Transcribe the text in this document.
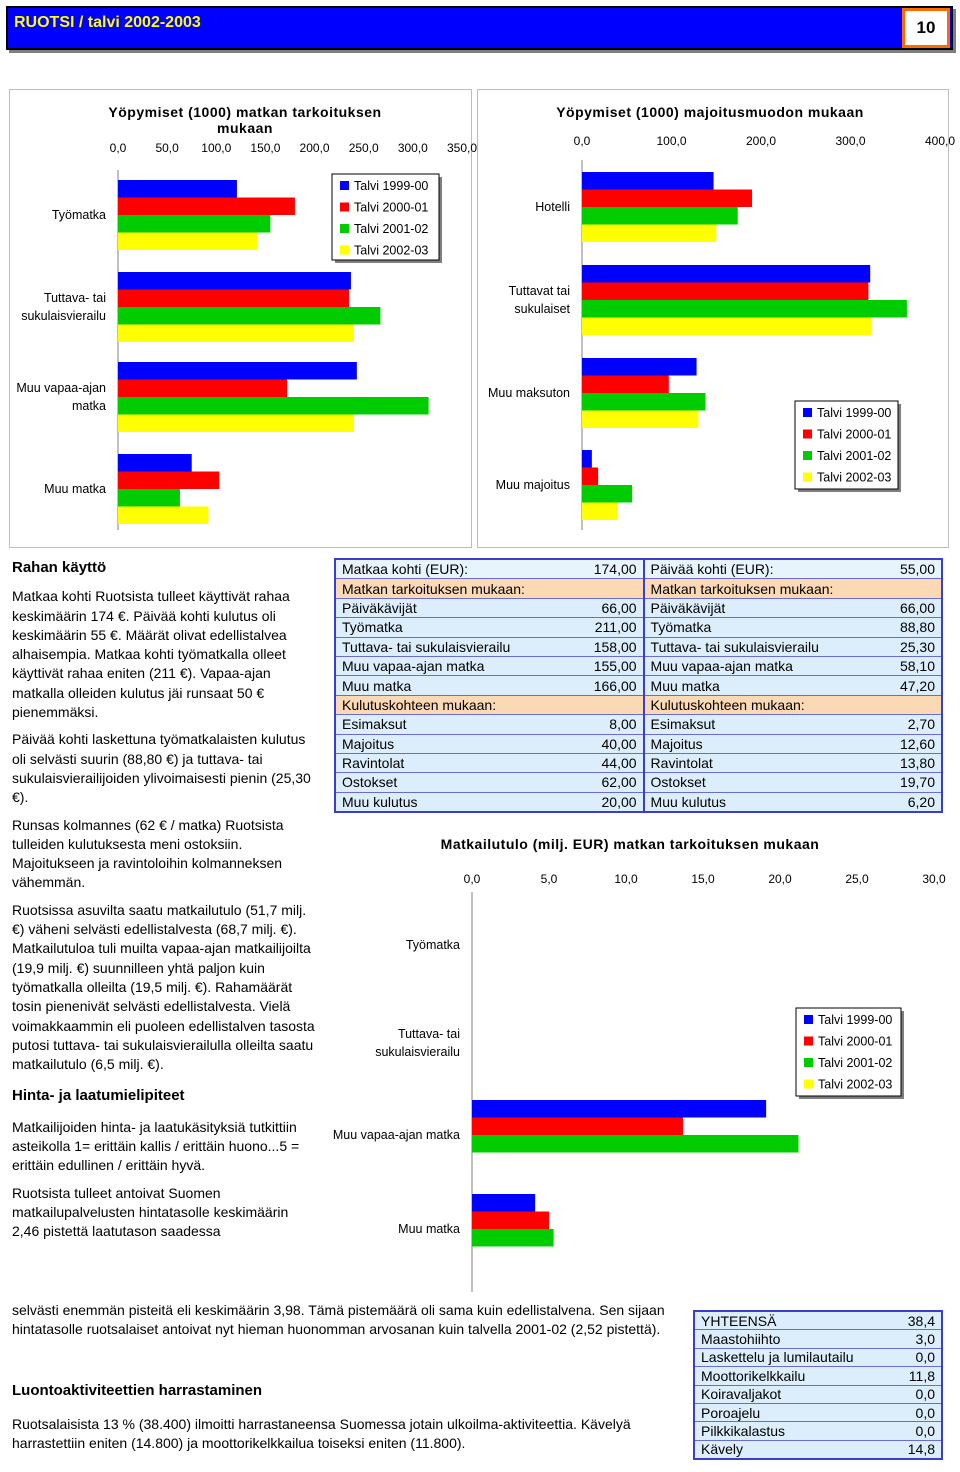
RUOTSI / talvi 2002-2003	10
Yöpymiset (1000) matkan tarkoituksen mukaan
0,0 50,0 100,0 150,0 200,0 250,0 300,0 350,0
Työmatka
Tuttava- tai
sukulaisvierailu
Muu vapaa-ajan
matka
Muu matka
Talvi 1999-00
Talvi 2000-01
Talvi 2001-02
Talvi 2002-03
Yöpymiset (1000) majoitusmuodon mukaan
0,0	100,0	200,0	300,0	400,0
Hotelli
Tuttavat tai
sukulaiset
Muu maksuton
Muu majoitus
Talvi 1999-00
Talvi 2000-01
Talvi 2001-02
Talvi 2002-03
Rahan käyttö

Matkaa kohti Ruotsista tulleet käyttivät rahaa keskimäärin 174 €. Päivää kohti kulutus oli keskimäärin 55 €. Määrät olivat edellistalvea alhaisempia. Matkaa kohti työmatkalla olleet käyttivät rahaa eniten (211 €). Vapaa-ajan matkalla olleiden kulutus jäi runsaat 50 € pienemmäksi.

Päivää kohti laskettuna työmatkalaisten kulutus oli selvästi suurin (88,80 €) ja tuttava- tai sukulaisvierailijoiden ylivoimaisesti pienin (25,30 €).

Runsas kolmannes (62 € / matka) Ruotsista tulleiden kulutuksesta meni ostoksiin. Majoitukseen ja ravintoloihin kolmanneksen vähemmän.

Ruotsissa asuvilta saatu matkailutulo (51,7 milj. €) väheni selvästi edellistalvesta (68,7 milj. €). Matkailutuloa tuli muilta vapaa-ajan matkailijoilta (19,9 milj. €) suunnilleen yhtä paljon kuin työmatkalla olleilta (19,5 milj. €). Rahamäärät tosin pienenivät selvästi edellistalvesta. Vielä voimakkaammin eli puoleen edellistalven tasosta putosi tuttava- tai sukulaisvierailulla olleilta saatu matkailutulo (6,5 milj. €).

Hinta- ja laatumielipiteet

Matkailijoiden hinta- ja laatukäsityksiä tutkittiin asteikolla 1= erittäin kallis / erittäin huono...5 = erittäin edullinen / erittäin hyvä.

Ruotsista tulleet antoivat Suomen matkailupalvelusten hintatasolle keskimäärin 2,46 pistettä laatutason saadessa

selvästi enemmän pisteitä eli keskimäärin 3,98. Tämä pistemäärä oli sama kuin edellistalvena. Sen sijaan hintatasolle ruotsalaiset antoivat nyt hieman huonomman arvosanan kuin talvella 2001-02 (2,52 pistettä).
Luontoaktiviteettien harrastaminen
Ruotsalaisista 13 % (38.400) ilmoitti harrastaneensa Suomessa jotain ulkoilma-aktiviteettia. Kävelyä harrastettiin eniten (14.800) ja moottorikelkkailua toiseksi eniten (11.800).
Matkaa kohti (EUR):	174,00	Päivää kohti (EUR):	55,00
Matkan tarkoituksen mukaan:		Matkan tarkoituksen mukaan:	
Päiväkävijät	66,00	Päiväkävijät	66,00
Työmatka	211,00	Työmatka	88,80
Tuttava- tai sukulaisvierailu	158,00	Tuttava- tai sukulaisvierailu	25,30
Muu vapaa-ajan matka	155,00	Muu vapaa-ajan matka	58,10
Muu matka	166,00	Muu matka	47,20
Kulutuskohteen mukaan:		Kulutuskohteen mukaan:	
Esimaksut	8,00	Esimaksut	2,70
Majoitus	40,00	Majoitus	12,60
Ravintolat	44,00	Ravintolat	13,80
Ostokset	62,00	Ostokset	19,70
Muu kulutus	20,00	Muu kulutus	6,20
Matkailutulo (milj. EUR) matkan tarkoituksen mukaan
0,0	5,0	10,0	15,0	20,0	25,0	30,0
Työmatka
Tuttava- tai
sukulaisvierailu
Muu vapaa-ajan matka
Muu matka
Talvi 1999-00
Talvi 2000-01
Talvi 2001-02
Talvi 2002-03
YHTEENSÄ	38,4
Maastohiihto	3,0
Laskettelu ja lumilautailu	0,0
Moottorikelkkailu	11,8
Koiravaljakot	0,0
Poroajelu	0,0
Pilkkikalastus	0,0
Kävely	14,8
